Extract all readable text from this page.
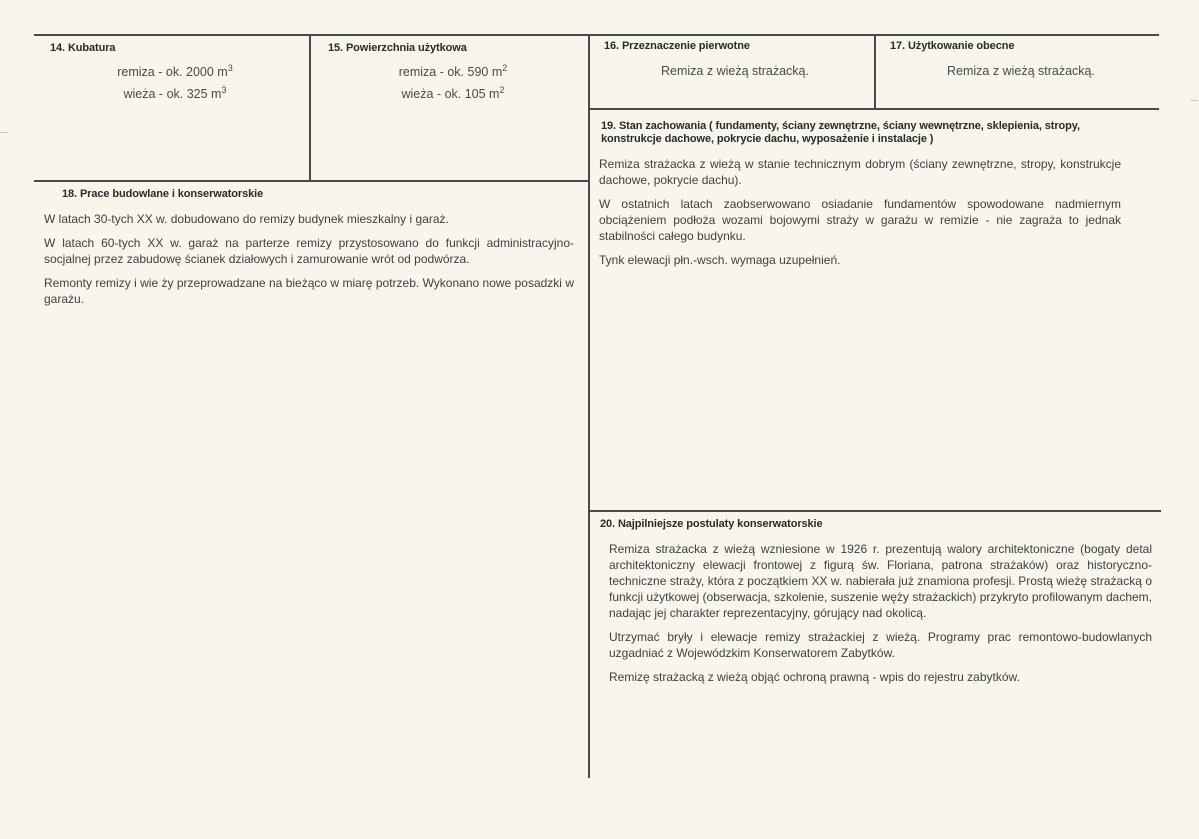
14. Kubatura
remiza - ok. 2000 $m^3$
wieża - ok. 325 $m^3$
15. Powierzchnia użytkowa
remiza - ok. 590 $m^2$
wieża - ok. 105 $m^2$
16. Przeznaczenie pierwotne
Remiza z wieżą strażacką.
17. Użytkowanie obecne
Remiza z wieżą strażacką.
18. Prace budowlane i konserwatorskie

W latach 30-tych XX w. dobudowano do remizy budynek mieszkalny i garaż.

W latach 60-tych XX w. garaż na parterze remizy przystosowano do funkcji administracyjno-socjalnej przez zabudowę ścianek działowych i zamurowanie wrót od podwórza.

Remonty remizy i wie ży przeprowadzane na bieżąco w miarę potrzeb. Wykonano nowe posadzki w garażu.

19. Stan zachowania ( fundamenty, ściany zewnętrzne, ściany wewnętrzne, sklepienia, stropy, konstrukcje dachowe, pokrycie dachu, wyposażenie i instalacje )

Remiza strażacka z wieżą w stanie technicznym dobrym (ściany zewnętrzne, stropy, konstrukcje dachowe, pokrycie dachu).

W ostatnich latach zaobserwowano osiadanie fundamentów spowodowane nadmiernym obciążeniem podłoża wozami bojowymi straży w garażu w remizie - nie zagraża to jednak stabilności całego budynku.

Tynk elewacji płn.-wsch. wymaga uzupełnień.

20. Najpilniejsze postulaty konserwatorskie

Remiza strażacka z wieżą wzniesione w 1926 r. prezentują walory architektoniczne (bogaty detal architektoniczny elewacji frontowej z figurą św. Floriana, patrona strażaków) oraz historyczno-techniczne straży, która z początkiem XX w. nabierała już znamiona profesji. Prostą wieżę strażacką o funkcji użytkowej (obserwacja, szkolenie, suszenie węży strażackich) przykryto profilowanym dachem, nadając jej charakter reprezentacyjny, górujący nad okolicą.

Utrzymać bryły i elewacje remizy strażackiej z wieżą. Programy prac remontowo-budowlanych uzgadniać z Wojewódzkim Konserwatorem Zabytków.

Remizę strażacką z wieżą objąć ochroną prawną - wpis do rejestru zabytków.
